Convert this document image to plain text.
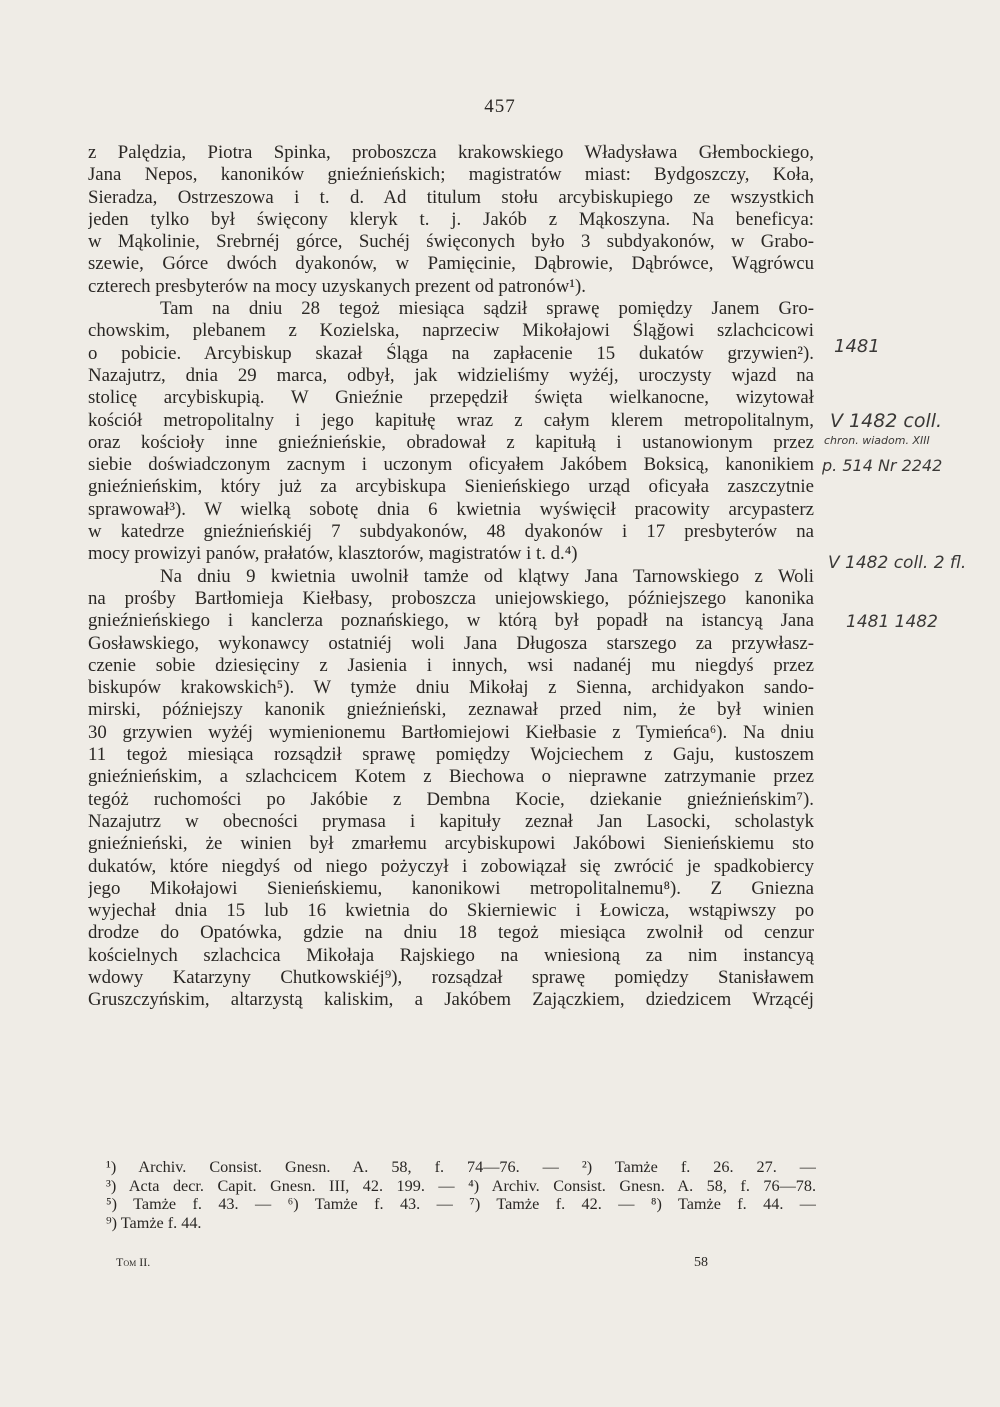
457
z Palędzia, Piotra Spinka, proboszcza krakowskiego Władysława Głembockiego,
Jana Nepos, kanoników gnieźnieńskich; magistratów miast: Bydgoszczy, Koła,
Sieradza, Ostrzeszowa i t. d. Ad titulum stołu arcybiskupiego ze wszystkich
jeden tylko był święcony kleryk t. j. Jakób z Mąkoszyna. Na beneficya:
w Mąkolinie, Srebrnéj górce, Suchéj święconych było 3 subdyakonów, w Grabo-
szewie, Górce dwóch dyakonów, w Pamięcinie, Dąbrowie, Dąbrówce, Wągrówcu
czterech presbyterów na mocy uzyskanych prezent od patronów¹).
Tam na dniu 28 tegoż miesiąca sądził sprawę pomiędzy Janem Gro-
chowskim, plebanem z Kozielska, naprzeciw Mikołajowi Śląğowi szlachcicowi
o pobicie. Arcybiskup skazał Śląga na zapłacenie 15 dukatów grzywien²).
Nazajutrz, dnia 29 marca, odbył, jak widzieliśmy wyżéj, uroczysty wjazd na
stolicę arcybiskupią. W Gnieźnie przepędził święta wielkanocne, wizytował
kościół metropolitalny i jego kapitułę wraz z całym klerem metropolitalnym,
oraz kościoły inne gnieźnieńskie, obradował z kapitułą i ustanowionym przez
siebie doświadczonym zacnym i uczonym oficyałem Jakóbem Boksicą, kanonikiem
gnieźnieńskim, który już za arcybiskupa Sienieńskiego urząd oficyała zaszczytnie
sprawował³). W wielką sobotę dnia 6 kwietnia wyświęcił pracowity arcypasterz
w katedrze gnieźnieńskiéj 7 subdyakonów, 48 dyakonów i 17 presbyterów na
mocy prowizyi panów, prałatów, klasztorów, magistratów i t. d.⁴)
Na dniu 9 kwietnia uwolnił tamże od klątwy Jana Tarnowskiego z Woli
na prośby Bartłomieja Kiełbasy, proboszcza uniejowskiego, późniejszego kanonika
gnieźnieńskiego i kanclerza poznańskiego, w którą był popadł na istancyą Jana
Gosławskiego, wykonawcy ostatniéj woli Jana Długosza starszego za przywłasz-
czenie sobie dziesięciny z Jasienia i innych, wsi nadanéj mu niegdyś przez
biskupów krakowskich⁵). W tymże dniu Mikołaj z Sienna, archidyakon sando-
mirski, późniejszy kanonik gnieźnieński, zeznawał przed nim, że był winien
30 grzywien wyżéj wymienionemu Bartłomiejowi Kiełbasie z Tymieńca⁶). Na dniu
11 tegoż miesiąca rozsądził sprawę pomiędzy Wojciechem z Gaju, kustoszem
gnieźnieńskim, a szlachcicem Kotem z Biechowa o nieprawne zatrzymanie przez
tegóż ruchomości po Jakóbie z Dembna Kocie, dziekanie gnieźnieńskim⁷).
Nazajutrz w obecności prymasa i kapituły zeznał Jan Lasocki, scholastyk
gnieźnieński, że winien był zmarłemu arcybiskupowi Jakóbowi Sienieńskiemu sto
dukatów, które niegdyś od niego pożyczył i zobowiązał się zwrócić je spadkobiercy
jego Mikołajowi Sienieńskiemu, kanonikowi metropolitalnemu⁸). Z Gniezna
wyjechał dnia 15 lub 16 kwietnia do Skierniewic i Łowicza, wstąpiwszy po
drodze do Opatówka, gdzie na dniu 18 tegoż miesiąca zwolnił od cenzur
kościelnych szlachcica Mikołaja Rajskiego na wniesioną za nim instancyą
wdowy Katarzyny Chutkowskiéj⁹), rozsądzał sprawę pomiędzy Stanisławem
Gruszczyńskim, altarzystą kaliskim, a Jakóbem Zajączkiem, dziedzicem Wrzącéj
¹) Archiv. Consist. Gnesn. A. 58, f. 74—76. — ²) Tamże f. 26. 27. —
³) Acta decr. Capit. Gnesn. III, 42. 199. — ⁴) Archiv. Consist. Gnesn. A. 58, f. 76—78.
⁵) Tamże f. 43. — ⁶) Tamże f. 43. — ⁷) Tamże f. 42. — ⁸) Tamże f. 44. —
⁹) Tamże f. 44.
Tom II.	58
1481
V 1482 coll.
chron. wiadom. XIII
p. 514 Nr 2242
V 1482 coll. 2 fl.
1481 1482
